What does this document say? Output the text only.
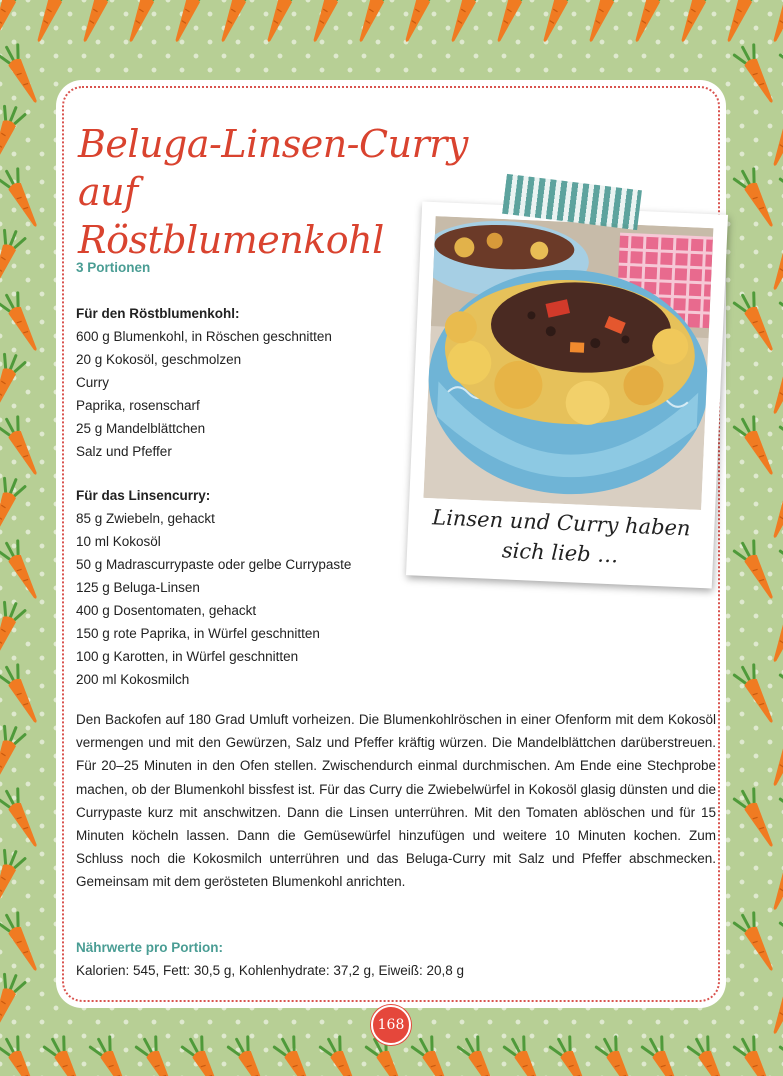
Beluga-Linsen-Curry auf
Röstblumenkohl
3 Portionen
Für den Röstblumenkohl:
600 g Blumenkohl, in Röschen geschnitten
20 g Kokosöl, geschmolzen
Curry
Paprika, rosenscharf
25 g Mandelblättchen
Salz und Pfeffer
Für das Linsencurry:
85 g Zwiebeln, gehackt
10 ml Kokosöl
50 g Madrascurrypaste oder gelbe Currypaste
125 g Beluga-Linsen
400 g Dosentomaten, gehackt
150 g rote Paprika, in Würfel geschnitten
100 g Karotten, in Würfel geschnitten
200 ml Kokosmilch
Den Backofen auf 180 Grad Umluft vorheizen. Die Blumenkohlröschen in einer Ofenform mit dem Kokosöl vermengen und mit den Gewürzen, Salz und Pfeffer kräftig würzen. Die Mandelblättchen darüberstreuen. Für 20–25 Minuten in den Ofen stellen. Zwischendurch einmal durchmischen. Am Ende eine Stechprobe machen, ob der Blumenkohl bissfest ist. Für das Curry die Zwiebelwürfel in Kokosöl glasig dünsten und die Currypaste kurz mit anschwitzen. Dann die Linsen unterrühren. Mit den Tomaten ablöschen und für 15 Minuten köcheln lassen. Dann die Gemüsewürfel hinzufügen und weitere 10 Minuten kochen. Zum Schluss noch die Kokosmilch unterrühren und das Beluga-Curry mit Salz und Pfeffer abschmecken. Gemeinsam mit dem gerösteten Blumenkohl anrichten.
Nährwerte pro Portion:
Kalorien: 545, Fett: 30,5 g, Kohlenhydrate: 37,2 g, Eiweiß: 20,8 g
Linsen und Curry haben
sich lieb …
168
